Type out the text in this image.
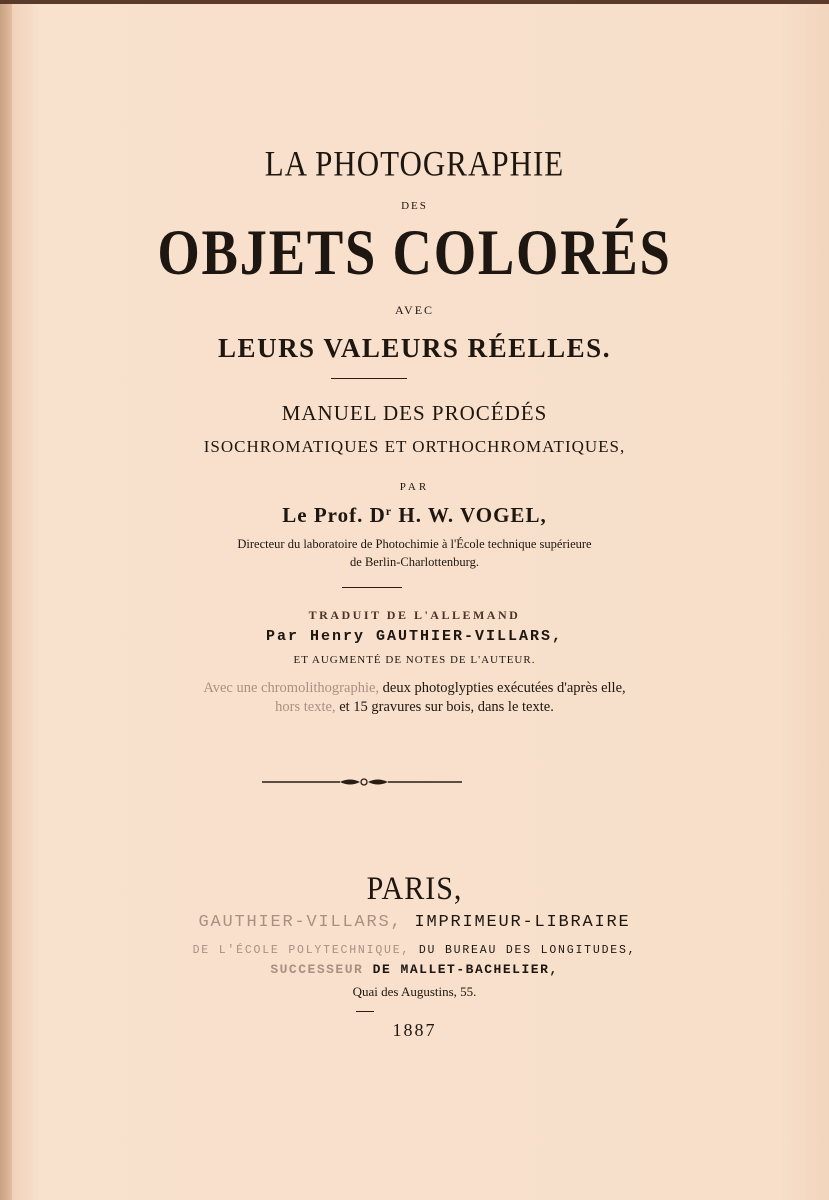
LA PHOTOGRAPHIE
DES
OBJETS COLORÉS
AVEC
LEURS VALEURS RÉELLES.
MANUEL DES PROCÉDÉS
ISOCHROMATIQUES ET ORTHOCHROMATIQUES,
PAR
Le Prof. $D^r$ H. W. VOGEL,
Directeur du laboratoire de Photochimie à l'École technique supérieure
de Berlin-Charlottenburg.
TRADUIT DE L'ALLEMAND
Par Henry GAUTHIER-VILLARS,
ET AUGMENTÉ DE NOTES DE L'AUTEUR.
Avec une chromolithographie, deux photoglypties exécutées d'après elle,
hors texte, et 15 gravures sur bois, dans le texte.
PARIS,
GAUTHIER-VILLARS, IMPRIMEUR-LIBRAIRE
DE L'ÉCOLE POLYTECHNIQUE, DU BUREAU DES LONGITUDES,
SUCCESSEUR DE MALLET-BACHELIER,
Quai des Augustins, 55.
1887
